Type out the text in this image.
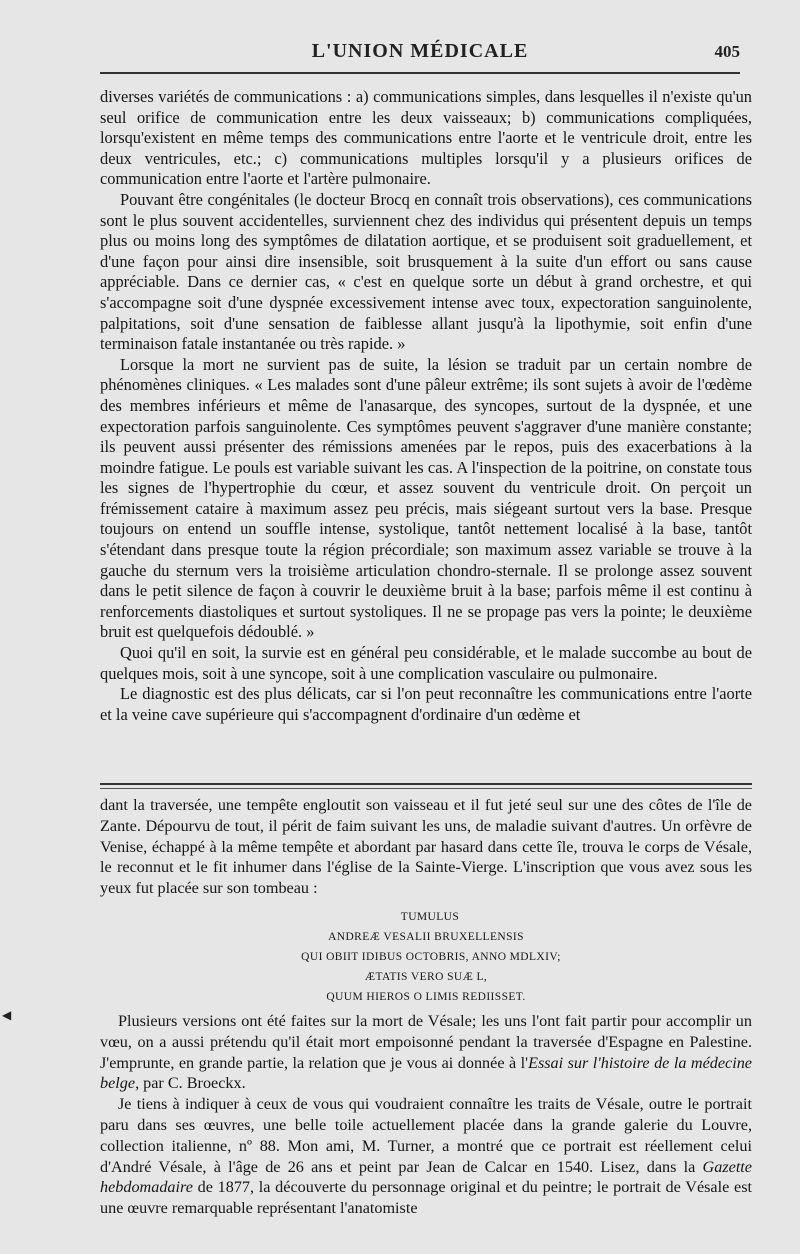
L'UNION MÉDICALE	405

diverses variétés de communications : a) communications simples, dans lesquelles il n'existe qu'un seul orifice de communication entre les deux vaisseaux; b) communications compliquées, lorsqu'existent en même temps des communications entre l'aorte et le ventricule droit, entre les deux ventricules, etc.; c) communications multiples lorsqu'il y a plusieurs orifices de communication entre l'aorte et l'artère pulmonaire.

Pouvant être congénitales (le docteur Brocq en connaît trois observations), ces communications sont le plus souvent accidentelles, surviennent chez des individus qui présentent depuis un temps plus ou moins long des symptômes de dilatation aortique, et se produisent soit graduellement, et d'une façon pour ainsi dire insensible, soit brusquement à la suite d'un effort ou sans cause appréciable. Dans ce dernier cas, « c'est en quelque sorte un début à grand orchestre, et qui s'accompagne soit d'une dyspnée excessivement intense avec toux, expectoration sanguinolente, palpitations, soit d'une sensation de faiblesse allant jusqu'à la lipothymie, soit enfin d'une terminaison fatale instantanée ou très rapide. »

Lorsque la mort ne survient pas de suite, la lésion se traduit par un certain nombre de phénomènes cliniques. « Les malades sont d'une pâleur extrême; ils sont sujets à avoir de l'œdème des membres inférieurs et même de l'anasarque, des syncopes, surtout de la dyspnée, et une expectoration parfois sanguinolente. Ces symptômes peuvent s'aggraver d'une manière constante; ils peuvent aussi présenter des rémissions amenées par le repos, puis des exacerbations à la moindre fatigue. Le pouls est variable suivant les cas. A l'inspection de la poitrine, on constate tous les signes de l'hypertrophie du cœur, et assez souvent du ventricule droit. On perçoit un frémissement cataire à maximum assez peu précis, mais siégeant surtout vers la base. Presque toujours on entend un souffle intense, systolique, tantôt nettement localisé à la base, tantôt s'étendant dans presque toute la région précordiale; son maximum assez variable se trouve à la gauche du sternum vers la troisième articulation chondro-sternale. Il se prolonge assez souvent dans le petit silence de façon à couvrir le deuxième bruit à la base; parfois même il est continu à renforcements diastoliques et surtout systoliques. Il ne se propage pas vers la pointe; le deuxième bruit est quelquefois dédoublé. »

Quoi qu'il en soit, la survie est en général peu considérable, et le malade succombe au bout de quelques mois, soit à une syncope, soit à une complication vasculaire ou pulmonaire.

Le diagnostic est des plus délicats, car si l'on peut reconnaître les communications entre l'aorte et la veine cave supérieure qui s'accompagnent d'ordinaire d'un œdème et

dant la traversée, une tempête engloutit son vaisseau et il fut jeté seul sur une des côtes de l'île de Zante. Dépourvu de tout, il périt de faim suivant les uns, de maladie suivant d'autres. Un orfèvre de Venise, échappé à la même tempête et abordant par hasard dans cette île, trouva le corps de Vésale, le reconnut et le fit inhumer dans l'église de la Sainte-Vierge. L'inscription que vous avez sous les yeux fut placée sur son tombeau :

TUMULUS
ANDREÆ VESALII BRUXELLENSIS
QUI OBIIT IDIBUS OCTOBRIS, ANNO MDLXIV;
ÆTATIS VERO SUÆ L,
QUUM HIEROS O LIMIS REDIISSET.

Plusieurs versions ont été faites sur la mort de Vésale; les uns l'ont fait partir pour accomplir un vœu, on a aussi prétendu qu'il était mort empoisonné pendant la traversée d'Espagne en Palestine. J'emprunte, en grande partie, la relation que je vous ai donnée à l'Essai sur l'histoire de la médecine belge, par C. Broeckx.

Je tiens à indiquer à ceux de vous qui voudraient connaître les traits de Vésale, outre le portrait paru dans ses œuvres, une belle toile actuellement placée dans la grande galerie du Louvre, collection italienne, nº 88. Mon ami, M. Turner, a montré que ce portrait est réellement celui d'André Vésale, à l'âge de 26 ans et peint par Jean de Calcar en 1540. Lisez, dans la Gazette hebdomadaire de 1877, la découverte du personnage original et du peintre; le portrait de Vésale est une œuvre remarquable représentant l'anatomiste

◀
